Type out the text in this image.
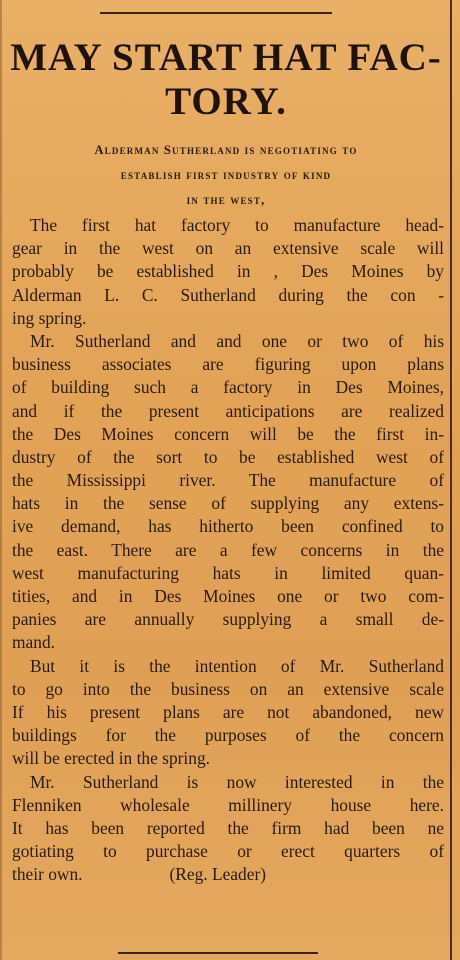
MAY START HAT FAC-
TORY.
Alderman Sutherland is negotiating to
establish first industry of kind
in the west,
The first hat factory to manufacture head-
gear in the west on an extensive scale will
probably be established in , Des Moines by
Alderman L. C. Sutherland during the con -
ing spring.
Mr. Sutherland and and one or two of his
business associates are figuring upon plans
of building such a factory in Des Moines,
and if the present anticipations are realized
the Des Moines concern will be the first in-
dustry of the sort to be established west of
the Mississippi river. The manufacture of
hats in the sense of supplying any extens-
ive demand, has hitherto been confined to
the east. There are a few concerns in the
west manufacturing hats in limited quan-
tities, and in Des Moines one or two com-
panies are annually supplying a small de-
mand.
But it is the intention of Mr. Sutherland
to go into the business on an extensive scale
If his present plans are not abandoned, new
buildings for the purposes of the concern
will be erected in the spring.
Mr. Sutherland is now interested in the
Flenniken wholesale millinery house here.
It has been reported the firm had been ne
gotiating to purchase or erect quarters of
their own.                    (Reg. Leader)
